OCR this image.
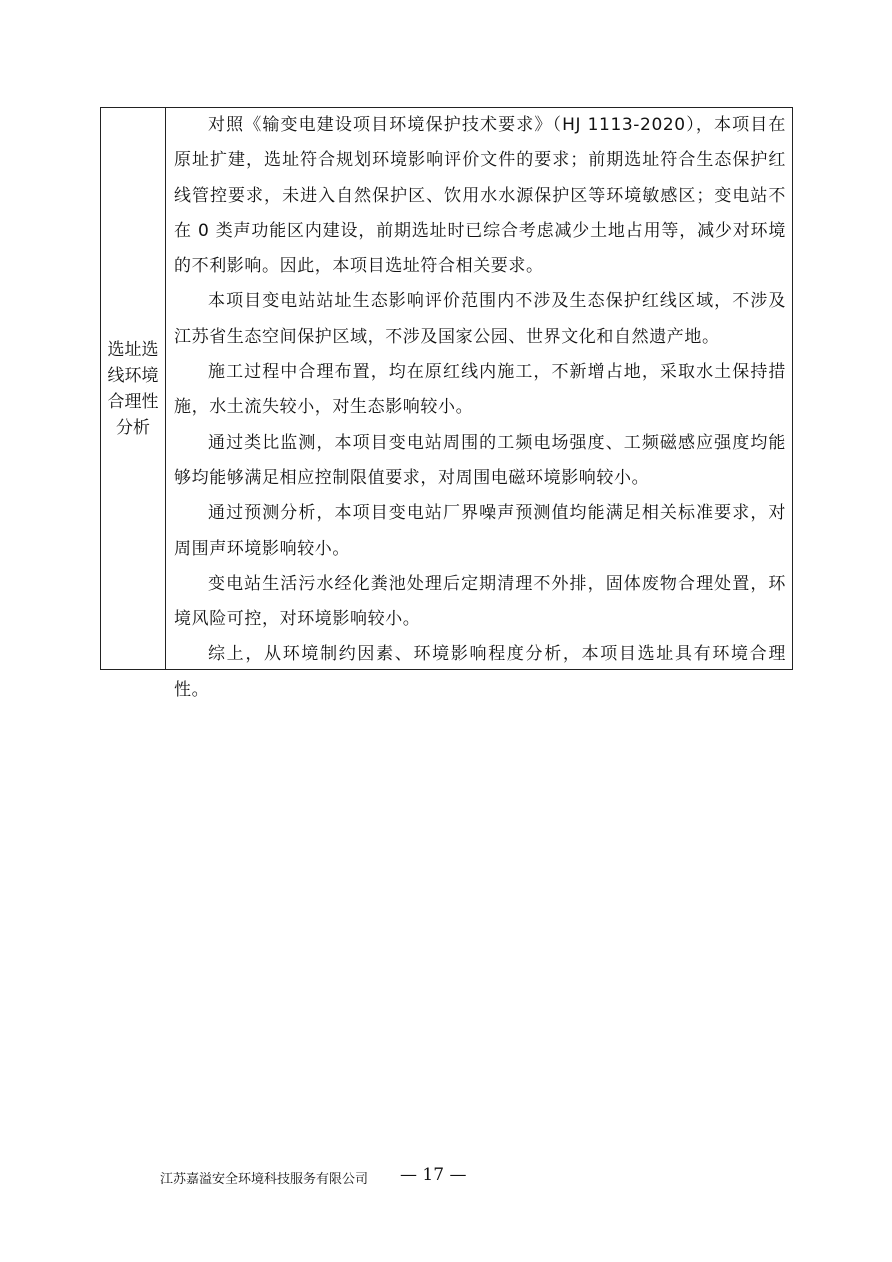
选址选线环境合理性分析

对照《输变电建设项目环境保护技术要求》（HJ 1113-2020），本项目在原址扩建，选址符合规划环境影响评价文件的要求；前期选址符合生态保护红线管控要求，未进入自然保护区、饮用水水源保护区等环境敏感区；变电站不在 0 类声功能区内建设，前期选址时已综合考虑减少土地占用等，减少对环境的不利影响。因此，本项目选址符合相关要求。

本项目变电站站址生态影响评价范围内不涉及生态保护红线区域，不涉及江苏省生态空间保护区域，不涉及国家公园、世界文化和自然遗产地。

施工过程中合理布置，均在原红线内施工，不新增占地，采取水土保持措施，水土流失较小，对生态影响较小。

通过类比监测，本项目变电站周围的工频电场强度、工频磁感应强度均能够均能够满足相应控制限值要求，对周围电磁环境影响较小。

通过预测分析，本项目变电站厂界噪声预测值均能满足相关标准要求，对周围声环境影响较小。

变电站生活污水经化粪池处理后定期清理不外排，固体废物合理处置，环境风险可控，对环境影响较小。

综上，从环境制约因素、环境影响程度分析，本项目选址具有环境合理性。

江苏嘉溢安全环境科技服务有限公司 — 17 —
